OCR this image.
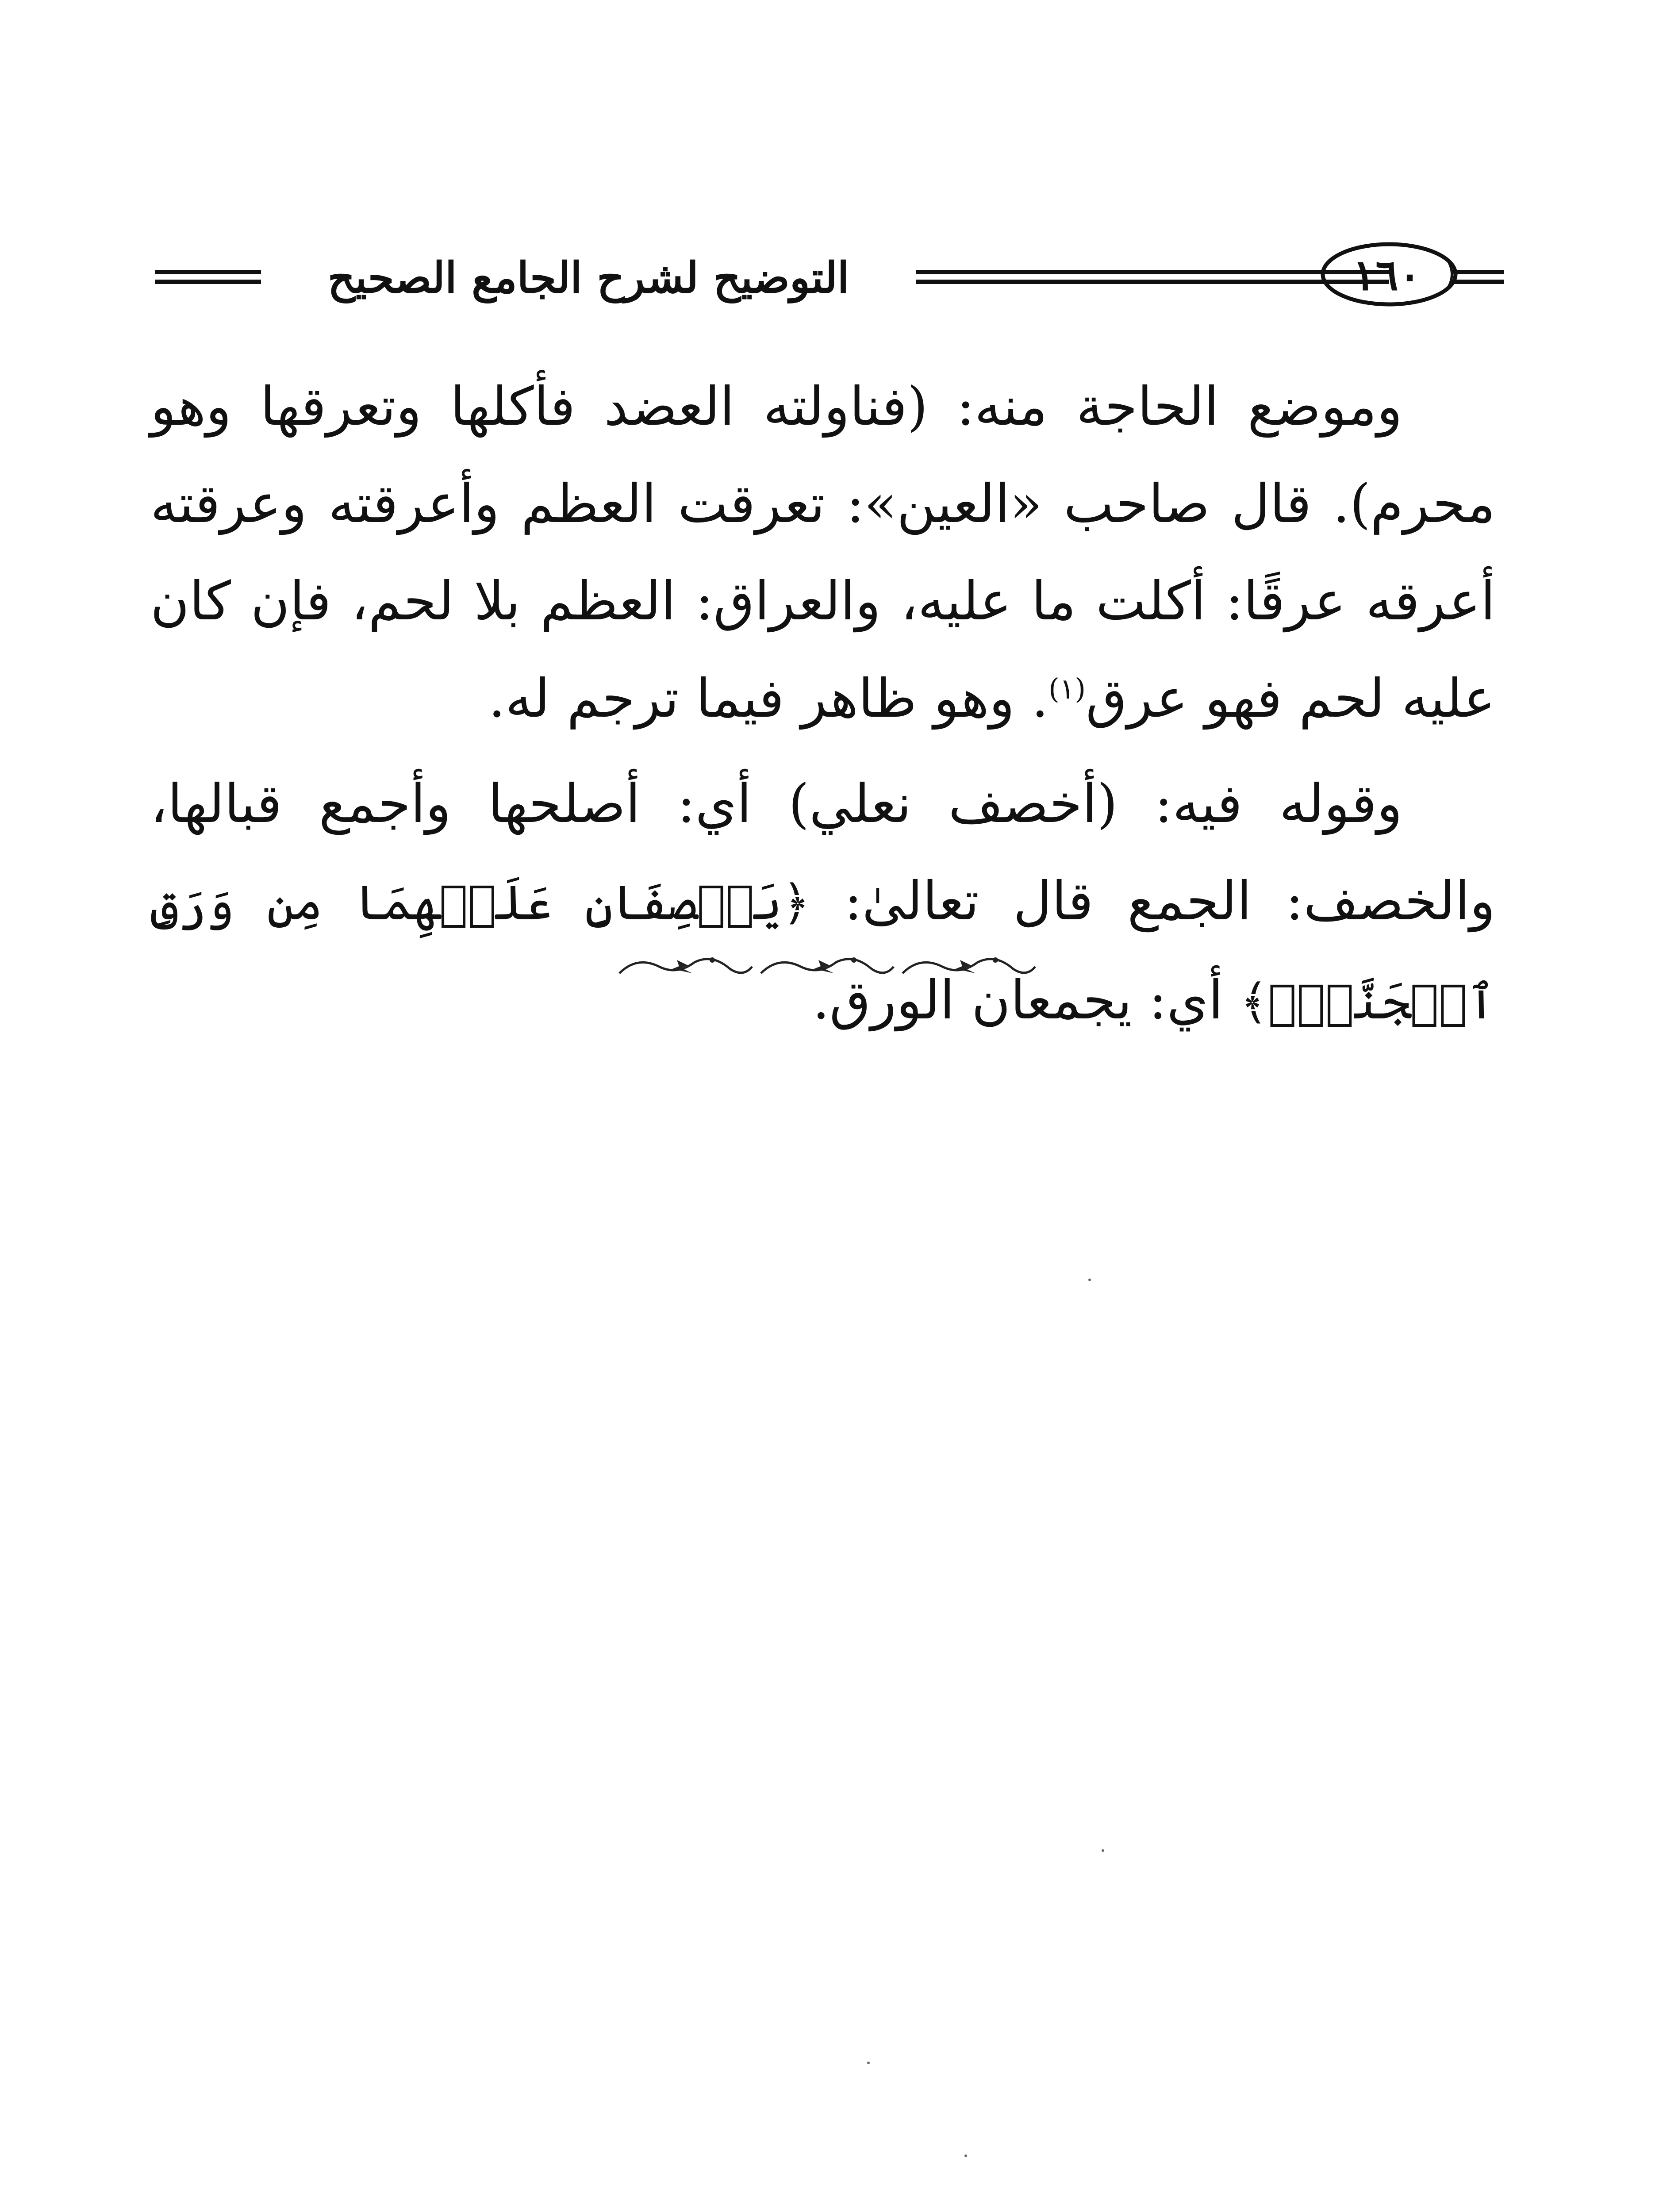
التوضيح لشرح الجامع الصحيح	١٦٠

وموضع الحاجة منه: (فناولته العضد فأكلها وتعرقها وهو محرم). قال صاحب «العين»: تعرقت العظم وأعرقته وعرقته أعرقه عرقًا: أكلت ما عليه، والعراق: العظم بلا لحم، فإن كان عليه لحم فهو عرق$^{(١)}$. وهو ظاهر فيما ترجم له.

وقوله فيه: (أخصف نعلي) أي: أصلحها وأجمع قبالها، والخصف: الجمع قال تعالىٰ: ﴿يَخۡصِفَانِ عَلَيۡهِمَا مِن وَرَقِ ٱلۡجَنَّةِۖ﴾ أي: يجمعان الورق.
